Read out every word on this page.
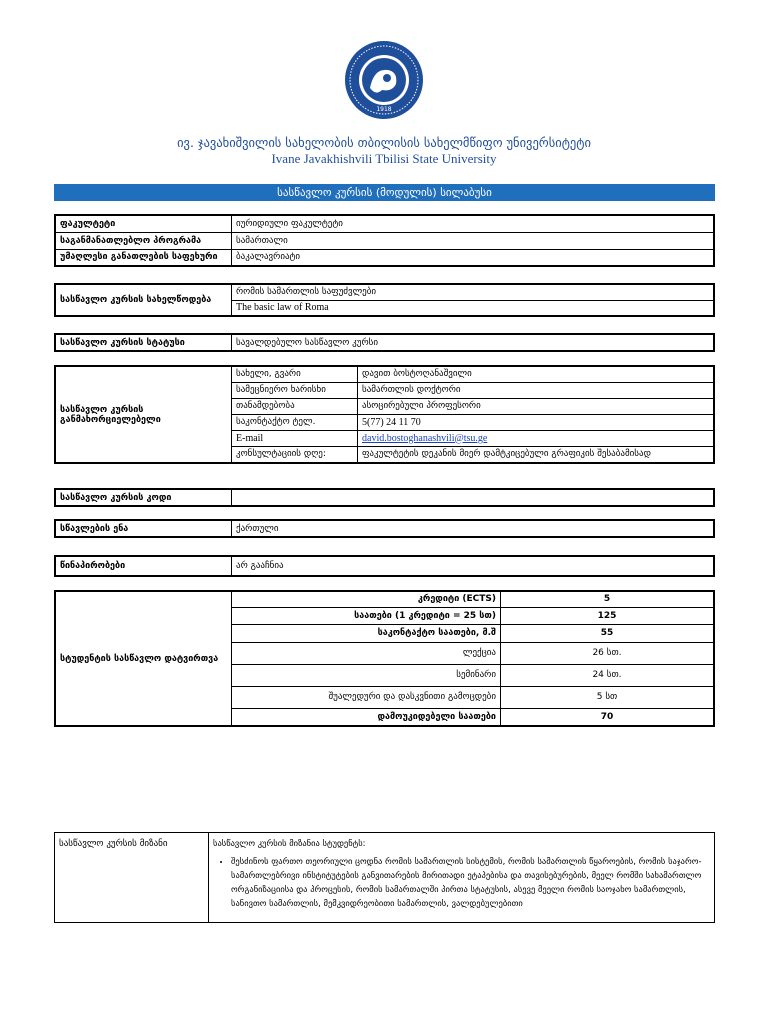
1918
ივ. ჯავახიშვილის სახელობის თბილისის სახელმწიფო უნივერსიტეტი
Ivane Javakhishvili Tbilisi State University
სასწავლო კურსის (მოდულის) სილაბუსი
ფაკულტეტი	იურიდიული ფაკულტეტი
საგანმანათლებლო პროგრამა	სამართალი
უმაღლესი განათლების საფეხური	ბაკალავრიატი
სასწავლო კურსის სახელწოდება	რომის სამართლის საფუძვლები
The basic law of Roma
სასწავლო კურსის სტატუსი	სავალდებულო სასწავლო კურსი
სასწავლო კურსის განმახორციელებელი	სახელი, გვარი	დავით ბოსტოღანაშვილი
	სამეცნიერო ხარისხი	სამართლის დოქტორი
	თანამდებობა	ასოცირებული პროფესორი
	საკონტაქტო ტელ.	5(77) 24 11 70
	E-mail	david.bostoghanashvili@tsu.ge
	კონსულტაციის დღე:	ფაკულტეტის დეკანის მიერ დამტკიცებული გრაფიკის შესაბამისად
სასწავლო კურსის კოდი	
სწავლების ენა	ქართული
წინაპირობები	არ გააჩნია
სტუდენტის სასწავლო დატვირთვა	კრედიტი (ECTS)	5
	საათები (1 კრედიტი = 25 სთ)	125
	საკონტაქტო საათები, მ.შ	55
	ლექცია	26 სთ.
	სემინარი	24 სთ.
	შუალედური და დასკვნითი გამოცდები	5 სთ
	დამოუკიდებელი საათები	70
სასწავლო კურსის მიზანი	სასწავლო კურსის მიზანია სტუდენტს:
• შესძინოს ფართო თეორიული ცოდნა რომის სამართლის სისტემის, რომის სამართლის წყაროების, რომის საჯარო-სამართლებრივი ინსტიტუტების განვითარების მირითადი ეტაპებისა და თავისებურების, მეელ რომში სახამართლო ორგანიზაციისა და პროცესის, რომის სამართალში პირთა სტატუსის, ასევე მეელი რომის საოჯახო სამართლის, სანივთო სამართლის, მემკვიდრეობითი სამართლის, ვალდებულებითი
